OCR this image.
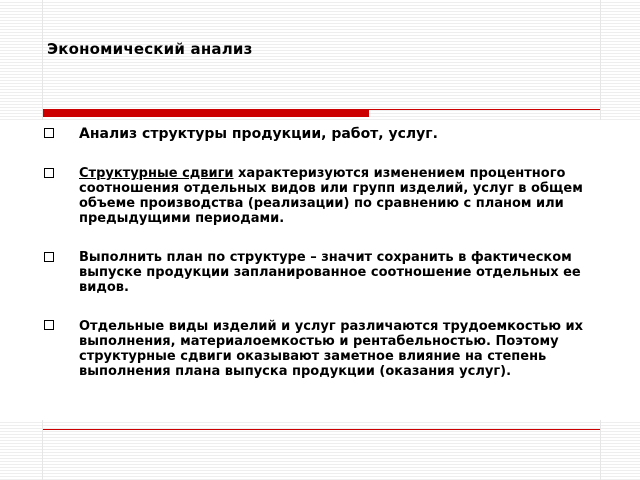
Экономический анализ

Анализ структуры продукции, работ, услуг.

Структурные сдвиги характеризуются изменением процентного соотношения отдельных видов или групп изделий, услуг в общем объеме производства (реализации) по сравнению с планом или предыдущими периодами.

Выполнить план по структуре – значит сохранить в фактическом выпуске продукции запланированное соотношение отдельных ее видов.

Отдельные виды изделий и услуг различаются трудоемкостью их выполнения, материалоемкостью и рентабельностью. Поэтому структурные сдвиги оказывают заметное влияние на степень выполнения плана выпуска продукции (оказания услуг).
